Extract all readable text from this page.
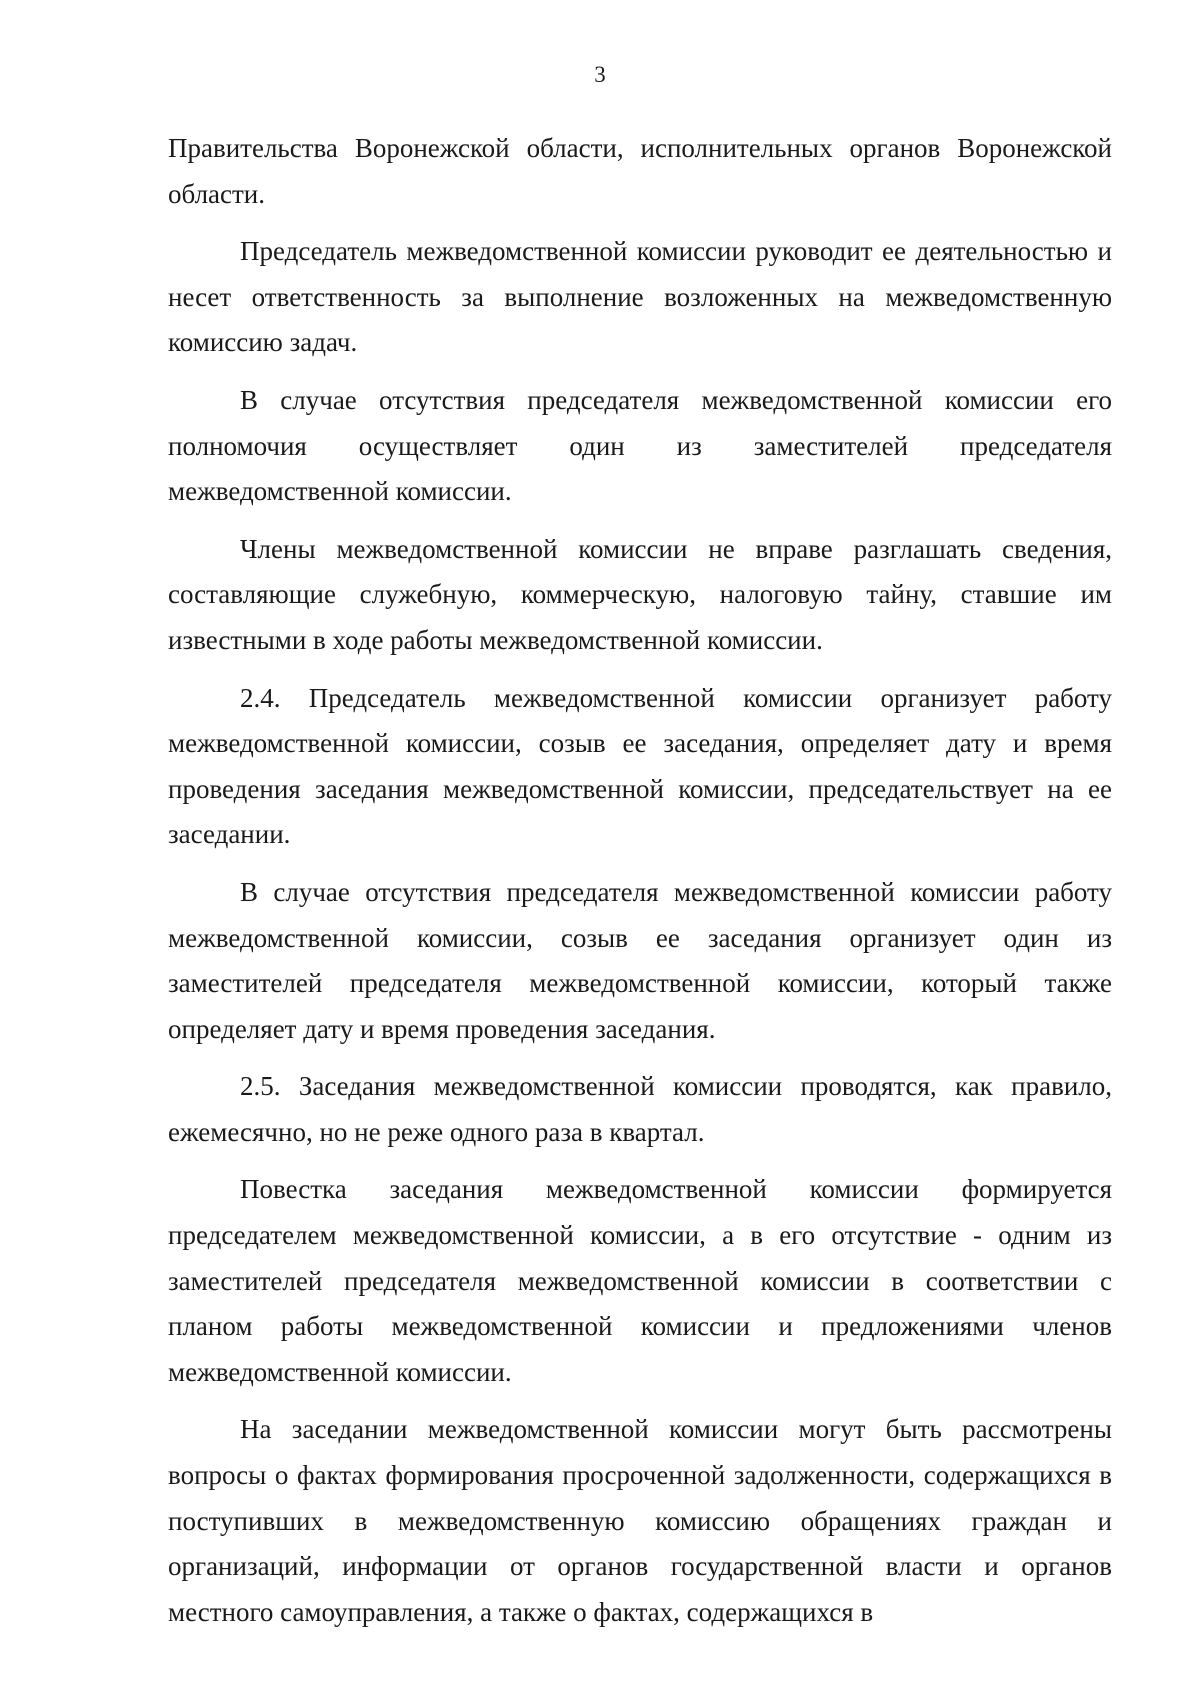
3

Правительства Воронежской области, исполнительных органов Воронежской области.

Председатель межведомственной комиссии руководит ее деятельностью и несет ответственность за выполнение возложенных на межведомственную комиссию задач.

В случае отсутствия председателя межведомственной комиссии его полномочия осуществляет один из заместителей председателя межведомственной комиссии.

Члены межведомственной комиссии не вправе разглашать сведения, составляющие служебную, коммерческую, налоговую тайну, ставшие им известными в ходе работы межведомственной комиссии.

2.4. Председатель межведомственной комиссии организует работу межведомственной комиссии, созыв ее заседания, определяет дату и время проведения заседания межведомственной комиссии, председательствует на ее заседании.

В случае отсутствия председателя межведомственной комиссии работу межведомственной комиссии, созыв ее заседания организует один из заместителей председателя межведомственной комиссии, который также определяет дату и время проведения заседания.

2.5. Заседания межведомственной комиссии проводятся, как правило, ежемесячно, но не реже одного раза в квартал.

Повестка заседания межведомственной комиссии формируется председателем межведомственной комиссии, а в его отсутствие - одним из заместителей председателя межведомственной комиссии в соответствии с планом работы межведомственной комиссии и предложениями членов межведомственной комиссии.

На заседании межведомственной комиссии могут быть рассмотрены вопросы о фактах формирования просроченной задолженности, содержащихся в поступивших в межведомственную комиссию обращениях граждан и организаций, информации от органов государственной власти и органов местного самоуправления, а также о фактах, содержащихся в
